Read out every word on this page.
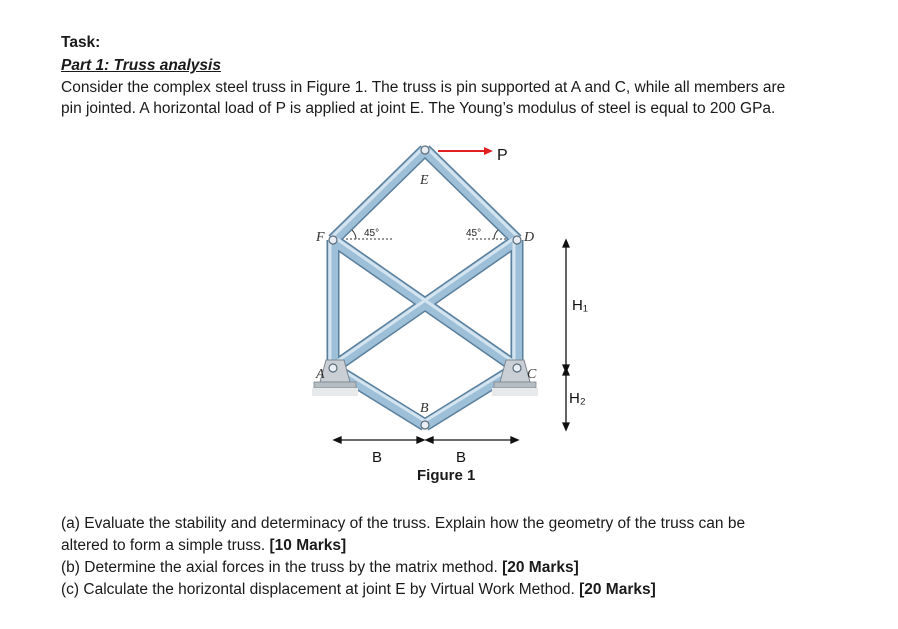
Task:
Part 1: Truss analysis
Consider the complex steel truss in Figure 1. The truss is pin supported at A and C, while all members are
pin jointed. A horizontal load of P is applied at joint E. The Young’s modulus of steel is equal to 200 GPa.
45°	45°
E
F	D
A	C
B
P
H₁
H₂
B	B
Figure 1
(a) Evaluate the stability and determinacy of the truss. Explain how the geometry of the truss can be
altered to form a simple truss. [10 Marks]
(b) Determine the axial forces in the truss by the matrix method. [20 Marks]
(c) Calculate the horizontal displacement at joint E by Virtual Work Method. [20 Marks]
